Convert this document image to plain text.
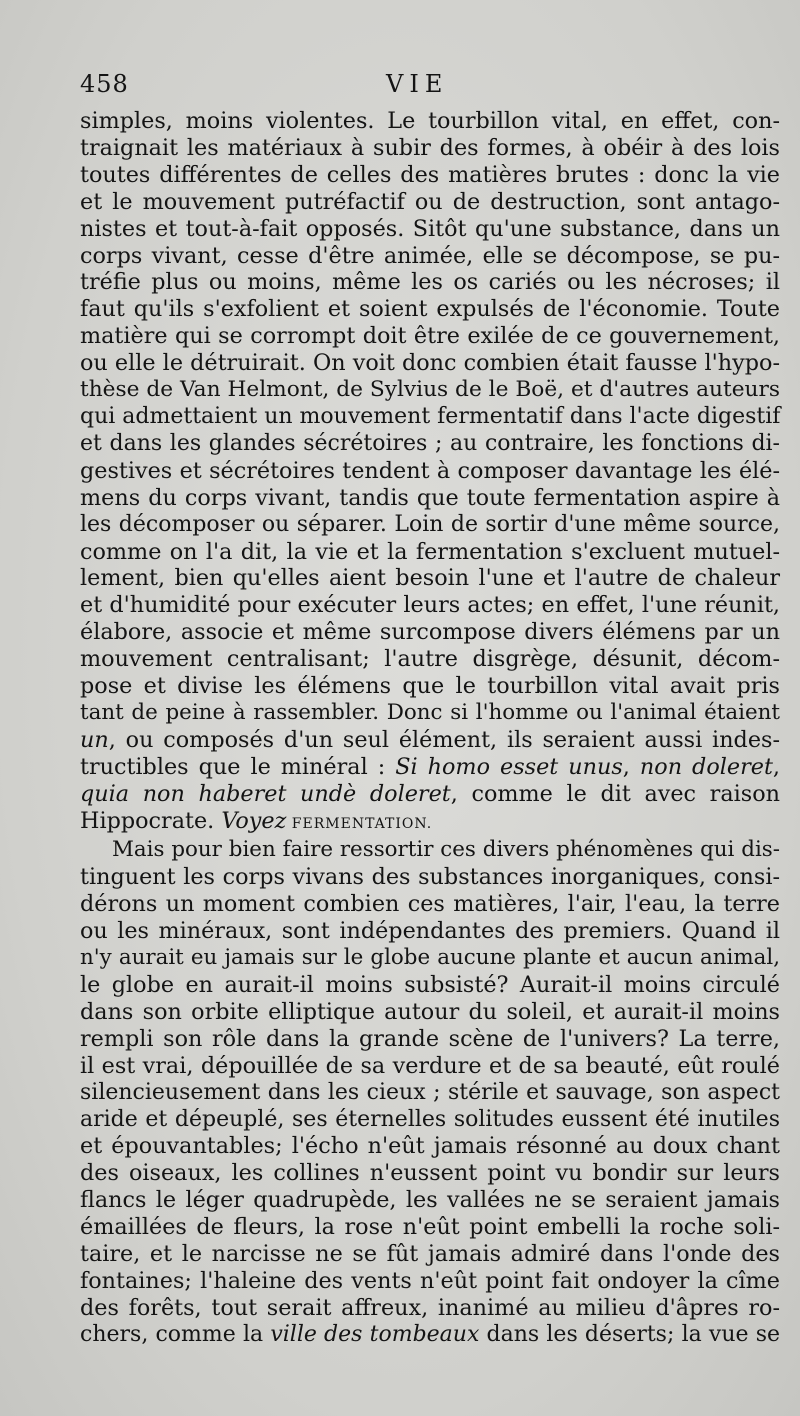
458	VIE
simples, moins violentes. Le tourbillon vital, en effet, con-
traignait les matériaux à subir des formes, à obéir à des lois
toutes différentes de celles des matières brutes : donc la vie
et le mouvement putréfactif ou de destruction, sont antago-
nistes et tout-à-fait opposés. Sitôt qu'une substance, dans un
corps vivant, cesse d'être animée, elle se décompose, se pu-
tréfie plus ou moins, même les os cariés ou les nécroses; il
faut qu'ils s'exfolient et soient expulsés de l'économie. Toute
matière qui se corrompt doit être exilée de ce gouvernement,
ou elle le détruirait. On voit donc combien était fausse l'hypo-
thèse de Van Helmont, de Sylvius de le Boë, et d'autres auteurs
qui admettaient un mouvement fermentatif dans l'acte digestif
et dans les glandes sécrétoires ; au contraire, les fonctions di-
gestives et sécrétoires tendent à composer davantage les élé-
mens du corps vivant, tandis que toute fermentation aspire à
les décomposer ou séparer. Loin de sortir d'une même source,
comme on l'a dit, la vie et la fermentation s'excluent mutuel-
lement, bien qu'elles aient besoin l'une et l'autre de chaleur
et d'humidité pour exécuter leurs actes; en effet, l'une réunit,
élabore, associe et même surcompose divers élémens par un
mouvement centralisant; l'autre disgrège, désunit, décom-
pose et divise les élémens que le tourbillon vital avait pris
tant de peine à rassembler. Donc si l'homme ou l'animal étaient
un, ou composés d'un seul élément, ils seraient aussi indes-
tructibles que le minéral : Si homo esset unus, non doleret,
quia non haberet undè doleret, comme le dit avec raison
Hippocrate. Voyez FERMENTATION.
Mais pour bien faire ressortir ces divers phénomènes qui dis-
tinguent les corps vivans des substances inorganiques, consi-
dérons un moment combien ces matières, l'air, l'eau, la terre
ou les minéraux, sont indépendantes des premiers. Quand il
n'y aurait eu jamais sur le globe aucune plante et aucun animal,
le globe en aurait-il moins subsisté? Aurait-il moins circulé
dans son orbite elliptique autour du soleil, et aurait-il moins
rempli son rôle dans la grande scène de l'univers? La terre,
il est vrai, dépouillée de sa verdure et de sa beauté, eût roulé
silencieusement dans les cieux ; stérile et sauvage, son aspect
aride et dépeuplé, ses éternelles solitudes eussent été inutiles
et épouvantables; l'écho n'eût jamais résonné au doux chant
des oiseaux, les collines n'eussent point vu bondir sur leurs
flancs le léger quadrupède, les vallées ne se seraient jamais
émaillées de fleurs, la rose n'eût point embelli la roche soli-
taire, et le narcisse ne se fût jamais admiré dans l'onde des
fontaines; l'haleine des vents n'eût point fait ondoyer la cîme
des forêts, tout serait affreux, inanimé au milieu d'âpres ro-
chers, comme la ville des tombeaux dans les déserts; la vue se
